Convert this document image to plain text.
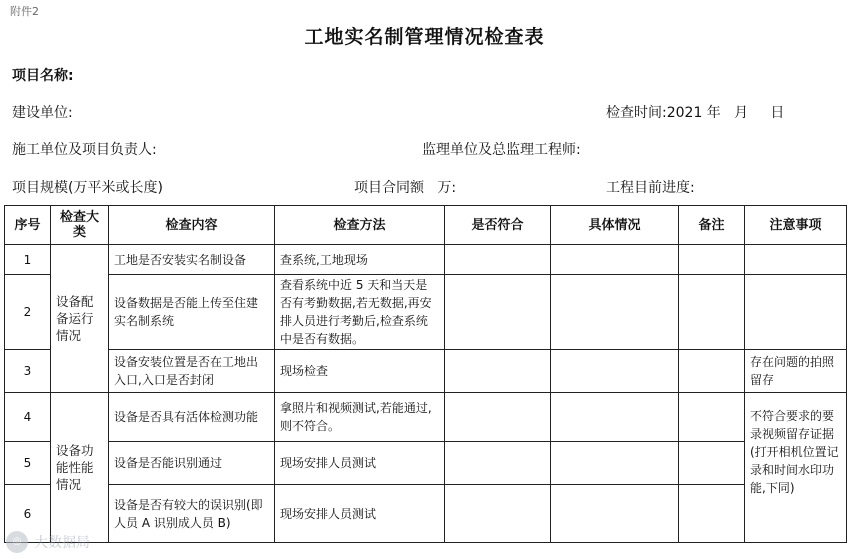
附件2
工地实名制管理情况检查表
项目名称:
建设单位:	检查时间:2021 年   月     日
施工单位及项目负责人:	监理单位及总监理工程师:
项目规模(万平米或长度)	项目合同额   万:	工程目前进度:
序号	检查大类	检查内容	检查方法	是否符合	具体情况	备注	注意事项
1	设备配备运行情况	工地是否安装实名制设备	查系统,工地现场				
2		设备数据是否能上传至住建实名制系统	查看系统中近 5 天和当天是否有考勤数据,若无数据,再安排人员进行考勤后,检查系统中是否有数据。				
3		设备安装位置是否在工地出入口,入口是否封闭	现场检查				存在问题的拍照留存
4	设备功能性能情况	设备是否具有活体检测功能	拿照片和视频测试,若能通过,则不符合。				不符合要求的要录视频留存证据(打开相机位置记录和时间水印功能,下同)
5		设备是否能识别通过	现场安排人员测试				
6		设备是否有较大的误识别(即人员 A 识别成人员 B)	现场安排人员测试				
◎ 大数据局
